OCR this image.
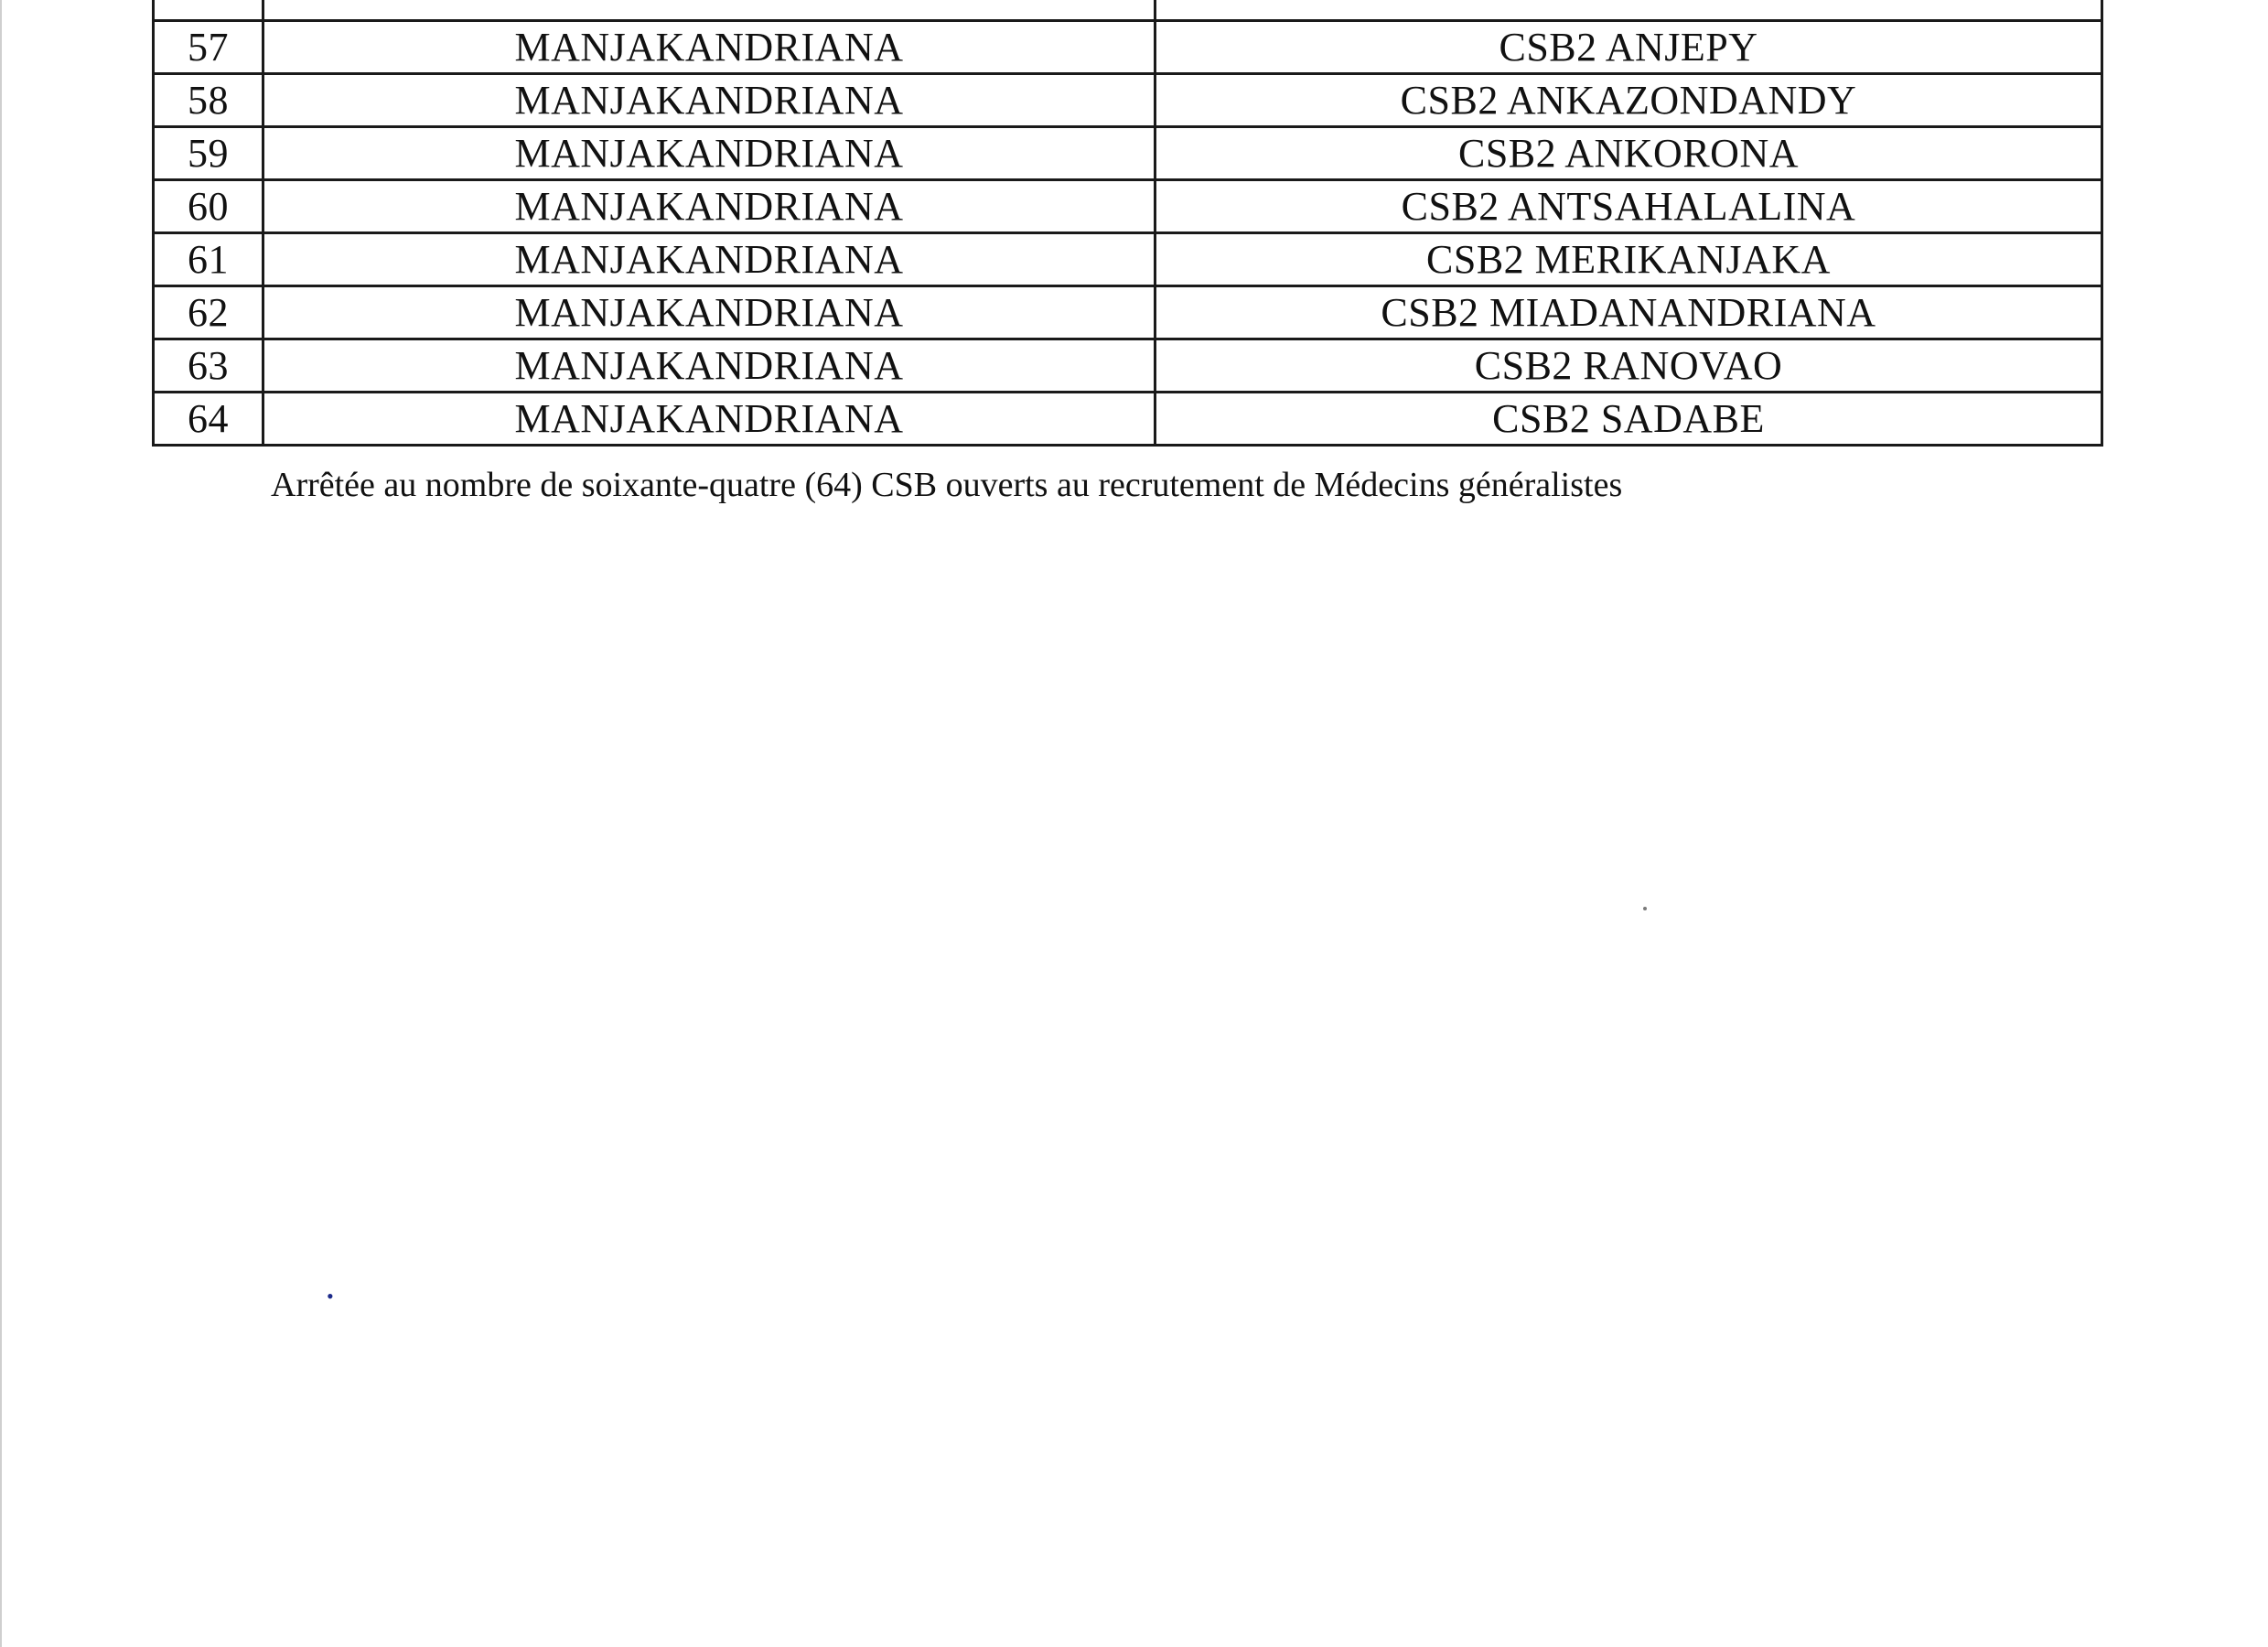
57	MANJAKANDRIANA	CSB2 ANJEPY
58	MANJAKANDRIANA	CSB2 ANKAZONDANDY
59	MANJAKANDRIANA	CSB2 ANKORONA
60	MANJAKANDRIANA	CSB2 ANTSAHALALINA
61	MANJAKANDRIANA	CSB2 MERIKANJAKA
62	MANJAKANDRIANA	CSB2 MIADANANDRIANA
63	MANJAKANDRIANA	CSB2 RANOVAO
64	MANJAKANDRIANA	CSB2 SADABE
Arrêtée au nombre de soixante-quatre (64) CSB ouverts au recrutement de Médecins généralistes
•
